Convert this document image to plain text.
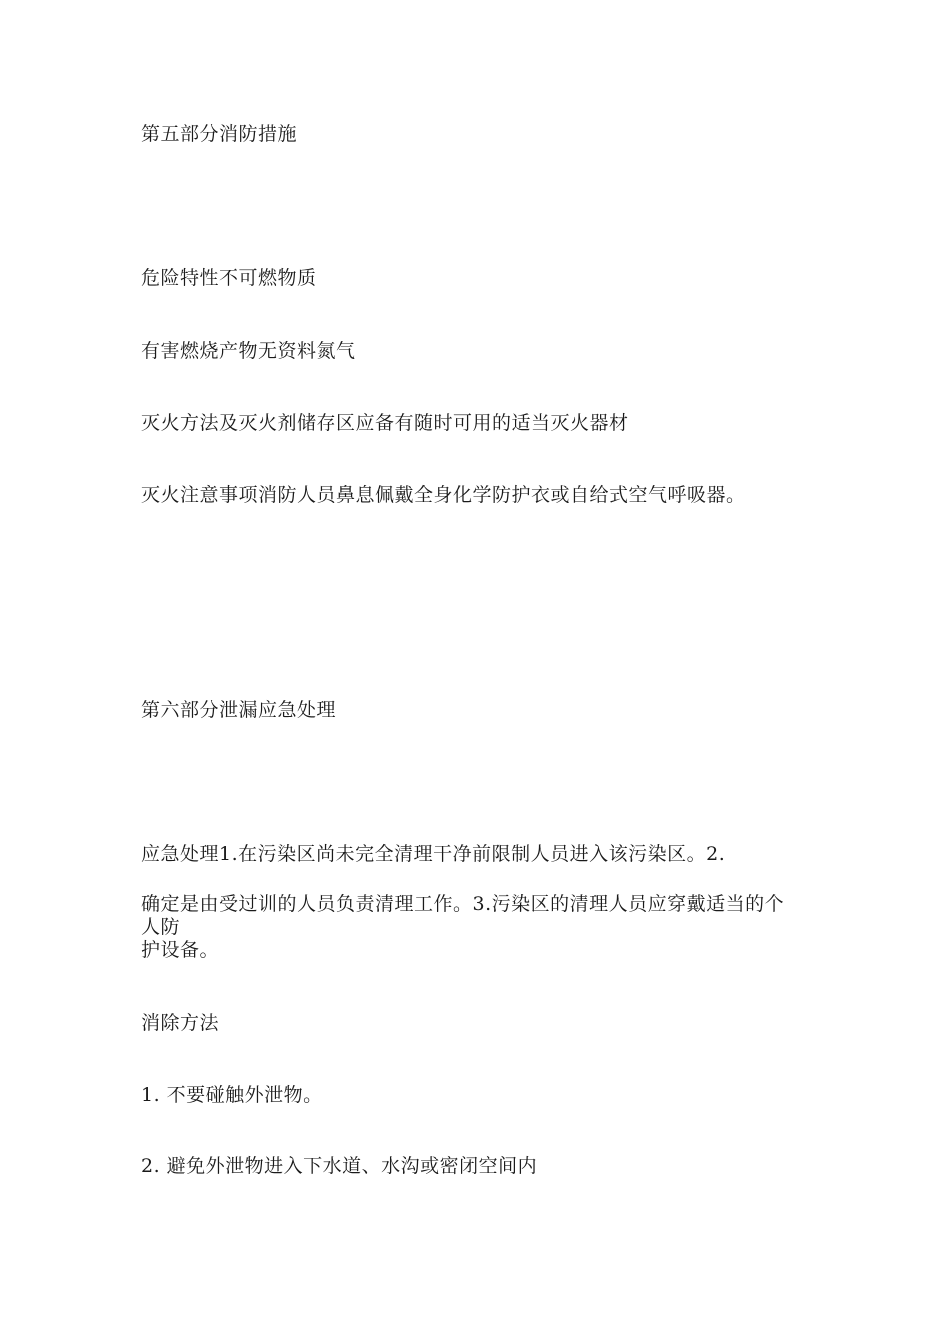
第五部分消防措施
危险特性不可燃物质
有害燃烧产物无资料氮气
灭火方法及灭火剂储存区应备有随时可用的适当灭火器材
灭火注意事项消防人员鼻息佩戴全身化学防护衣或自给式空气呼吸器。
第六部分泄漏应急处理
应急处理1.在污染区尚未完全清理干净前限制人员进入该污染区。2.
确定是由受过训的人员负责清理工作。3.污染区的清理人员应穿戴适当的个人防
护设备。
消除方法
1. 不要碰触外泄物。
2. 避免外泄物进入下水道、水沟或密闭空间内
